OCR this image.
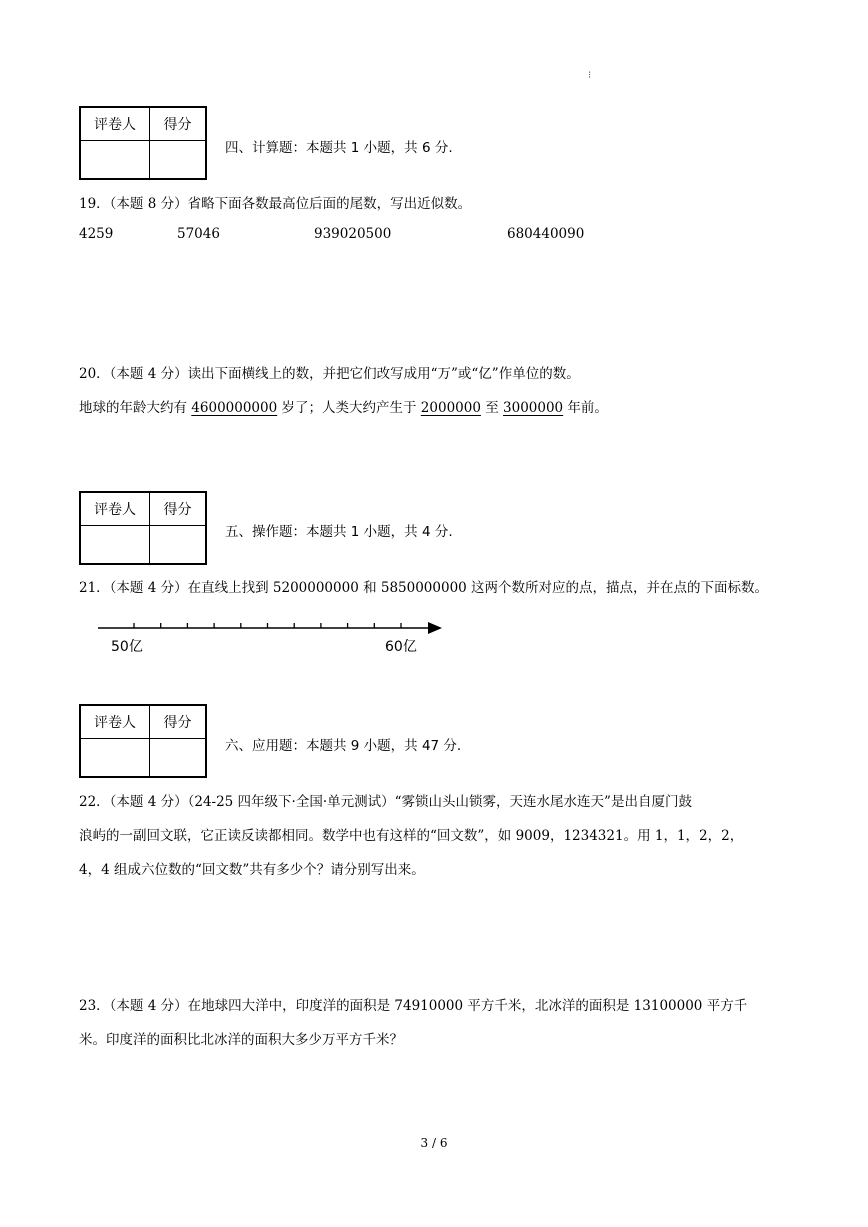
⁝
评卷人	得分

四、计算题：本题共 1 小题，共 6 分.
19．（本题 8 分）省略下面各数最高位后面的尾数，写出近似数。
4259	57046	939020500	680440090
20．（本题 4 分）读出下面横线上的数，并把它们改写成用“万”或“亿”作单位的数。
地球的年龄大约有 4600000000 岁了；人类大约产生于 2000000 至 3000000 年前。
评卷人	得分

五、操作题：本题共 1 小题，共 4 分.
21．（本题 4 分）在直线上找到 5200000000 和 5850000000 这两个数所对应的点，描点，并在点的下面标数。
50亿	60亿
评卷人	得分

六、应用题：本题共 9 小题，共 47 分.
22．（本题 4 分）（24-25 四年级下·全国·单元测试）“雾锁山头山锁雾，天连水尾水连天”是出自厦门鼓
浪屿的一副回文联，它正读反读都相同。数学中也有这样的“回文数”，如 9009，1234321。用 1，1，2，2，
4，4 组成六位数的“回文数”共有多少个？请分别写出来。
23．（本题 4 分）在地球四大洋中，印度洋的面积是 74910000 平方千米，北冰洋的面积是 13100000 平方千
米。印度洋的面积比北冰洋的面积大多少万平方千米？
3 / 6
